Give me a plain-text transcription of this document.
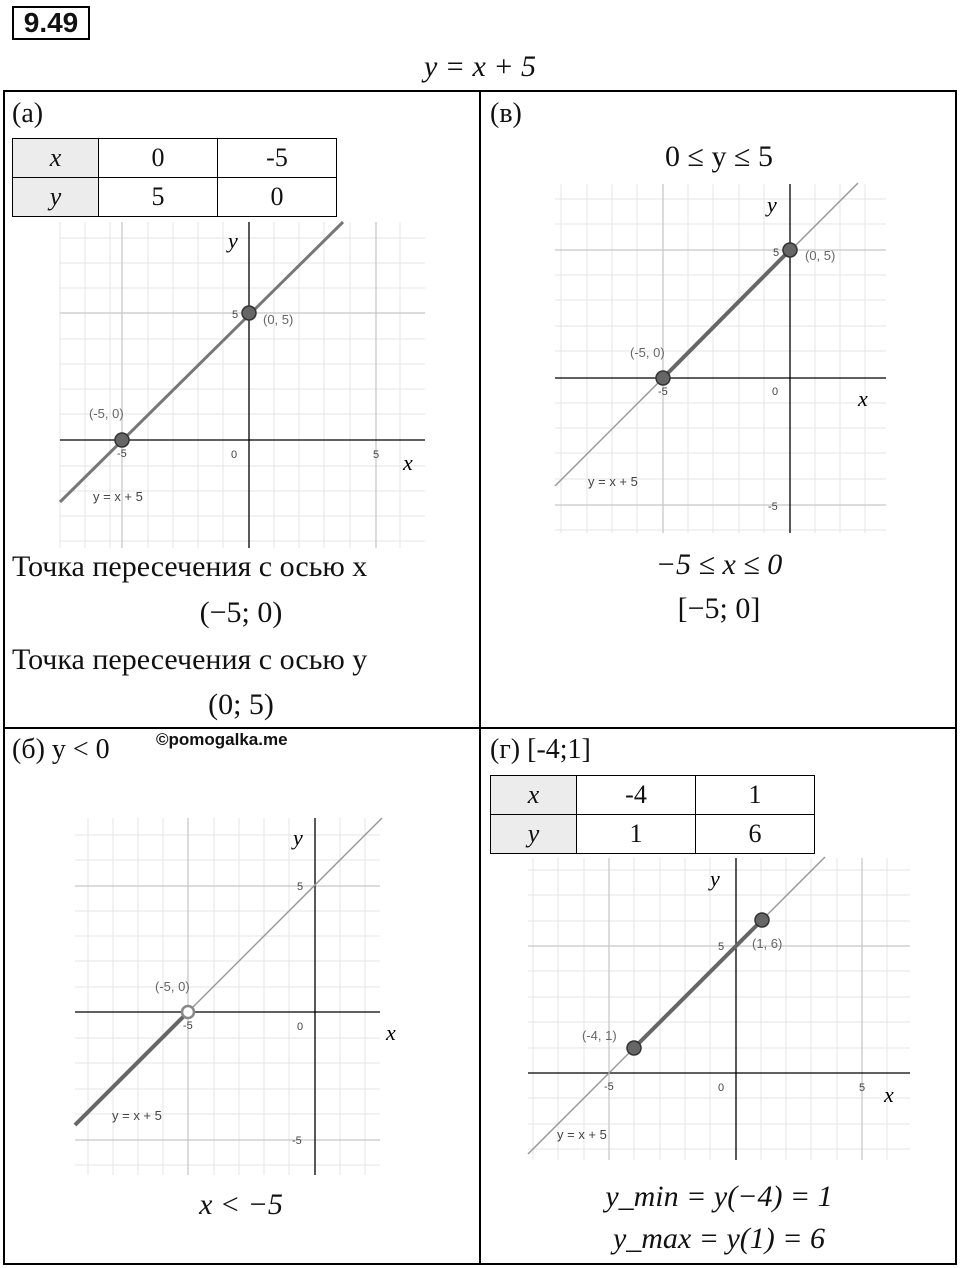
9.49
y = x + 5
(а)
x	0	-5
y	5	0
y
x
-5	0	5
5
(-5, 0)
(0, 5)
y = x + 5
Точка пересечения с осью x
(−5; 0)
Точка пересечения с осью y
(0; 5)
(в)
0 ≤ y ≤ 5
y
x
-5	0
5
-5
(-5, 0)
(0, 5)
y = x + 5
−5 ≤ x ≤ 0
[−5; 0]
(б) y < 0	©pomogalka.me
y
x
-5	0
5
-5
(-5, 0)
y = x + 5
x < −5
(г) [-4;1]
x	-4	1
y	1	6
y
x
-5	0	5
5
(-4, 1)
(1, 6)
y = x + 5
y_min = y(−4) = 1
y_max = y(1) = 6
